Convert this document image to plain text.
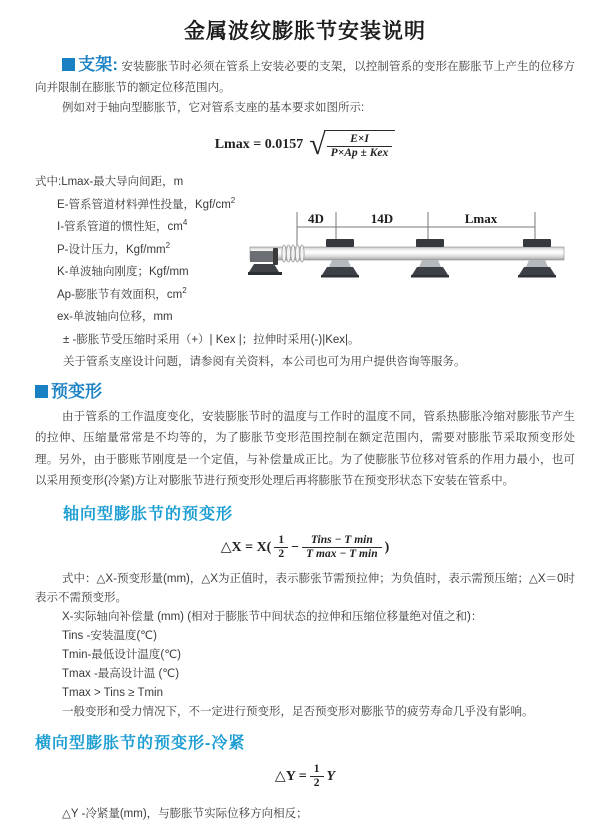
金属波纹膨胀节安装说明
支架: 安装膨胀节时必须在管系上安装必要的支架，以控制管系的变形在膨胀节上产生的位移方向并限制在膨胀节的额定位移范围内。
例如对于轴向型膨胀节，它对管系支座的基本要求如图所示:
Lmax = 0.0157 √ $\frac{E\times I}{\text{P×Ap ± Kex}}$
式中:Lmax-最大导向间距，m
E-管系管道材料弹性投量，Kgf/$cm^2$
I-管系管道的惯性矩，$cm^4$
P-设计压力，Kgf/$mm^2$
K-单波轴向刚度；Kgf/mm
Ap-膨胀节有效面积，$cm^2$
ex-单波轴向位移，mm
± -膨胀节受压缩时采用（+）| Kex |；拉伸时采用(-)|Kex|。
关于管系支座设计问题，请参阅有关资料，本公司也可为用户提供咨询等服务。
4D	14D	Lmax
预变形
由于管系的工作温度变化，安装膨胀节时的温度与工作时的温度不同，管系热膨胀冷缩对膨胀节产生的拉伸、压缩量常常是不均等的，为了膨胀节变形范围控制在额定范围内，需要对膨胀节采取预变形处理。另外，由于膨账节刚度是一个定值，与补偿量成正比。为了使膨胀节位移对管系的作用力最小，也可以采用预变形(冷紧)方让对膨胀节进行预变形处理后再将膨胀节在预变形状态下安装在管系中。
轴向型膨胀节的预变形
△X = $X( \frac{1}{2} - \frac{\text{Tins − T min}}{\text{T max − T min}}$ )
式中：△X-预变形量(mm)，△X为正值时，表示膨张节需预拉伸；为负值时，表示需预压缩；△X＝0时表示不需预变形。
X-实际轴向补偿量 (mm) (相对于膨胀节中间状态的拉伸和压缩位移量绝对值之和)：
Tins -安装温度(℃)
Tmin-最低设计温度(℃)
Tmax -最高设计温 (℃)
Tmax > Tins ≥ Tmin
一般变形和受力情况下，不一定进行预变形，足否预变形对膨胀节的疲劳寿命几乎没有影响。
横向型膨胀节的预变形-冷紧
△Y = $\frac{1}{2}$ Y
△Y -冷紧量(mm)，与膨胀节实际位移方向相反；
